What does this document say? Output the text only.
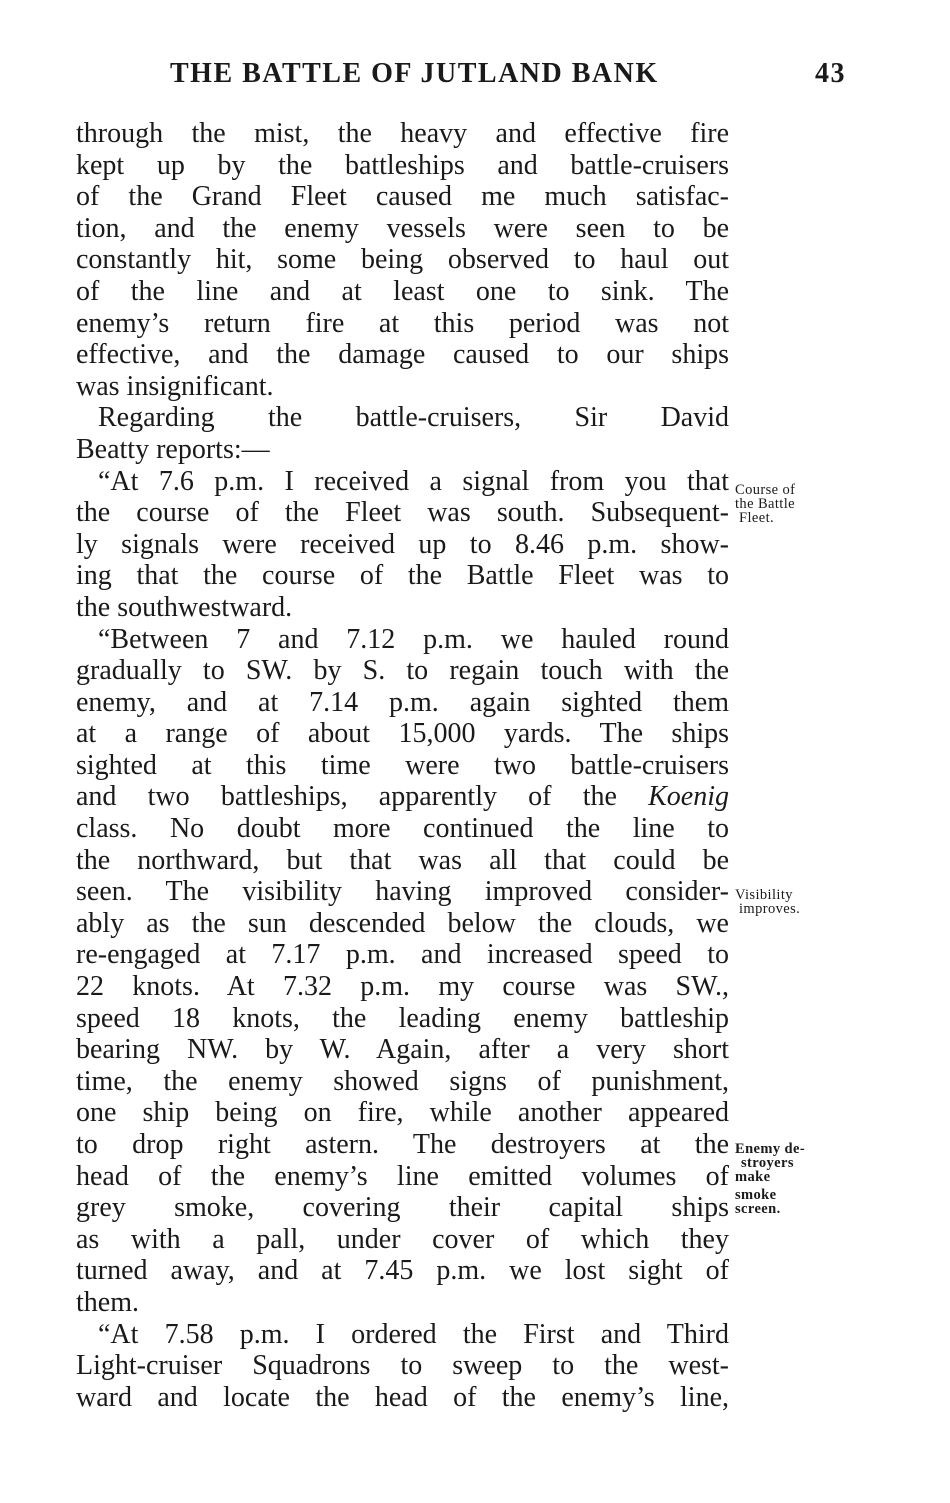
THE BATTLE OF JUTLAND BANK	43
through the mist, the heavy and effective fire
kept up by the battleships and battle-cruisers
of the Grand Fleet caused me much satisfac-
tion, and the enemy vessels were seen to be
constantly hit, some being observed to haul out
of the line and at least one to sink. The
enemy’s return fire at this period was not
effective, and the damage caused to our ships
was insignificant.
Regarding the battle-cruisers, Sir David
Beatty reports:—
“At 7.6 p.m. I received a signal from you that
the course of the Fleet was south. Subsequent-
ly signals were received up to 8.46 p.m. show-
ing that the course of the Battle Fleet was to
the southwestward.
“Between 7 and 7.12 p.m. we hauled round
gradually to SW. by S. to regain touch with the
enemy, and at 7.14 p.m. again sighted them
at a range of about 15,000 yards. The ships
sighted at this time were two battle-cruisers
and two battleships, apparently of the Koenig
class. No doubt more continued the line to
the northward, but that was all that could be
seen. The visibility having improved consider-
ably as the sun descended below the clouds, we
re-engaged at 7.17 p.m. and increased speed to
22 knots. At 7.32 p.m. my course was SW.,
speed 18 knots, the leading enemy battleship
bearing NW. by W. Again, after a very short
time, the enemy showed signs of punishment,
one ship being on fire, while another appeared
to drop right astern. The destroyers at the
head of the enemy’s line emitted volumes of
grey smoke, covering their capital ships
as with a pall, under cover of which they
turned away, and at 7.45 p.m. we lost sight of
them.
“At 7.58 p.m. I ordered the First and Third
Light-cruiser Squadrons to sweep to the west-
ward and locate the head of the enemy’s line,
Course of
the Battle
Fleet.
Visibility
improves.
Enemy de-
stroyers
make
smoke
screen.
